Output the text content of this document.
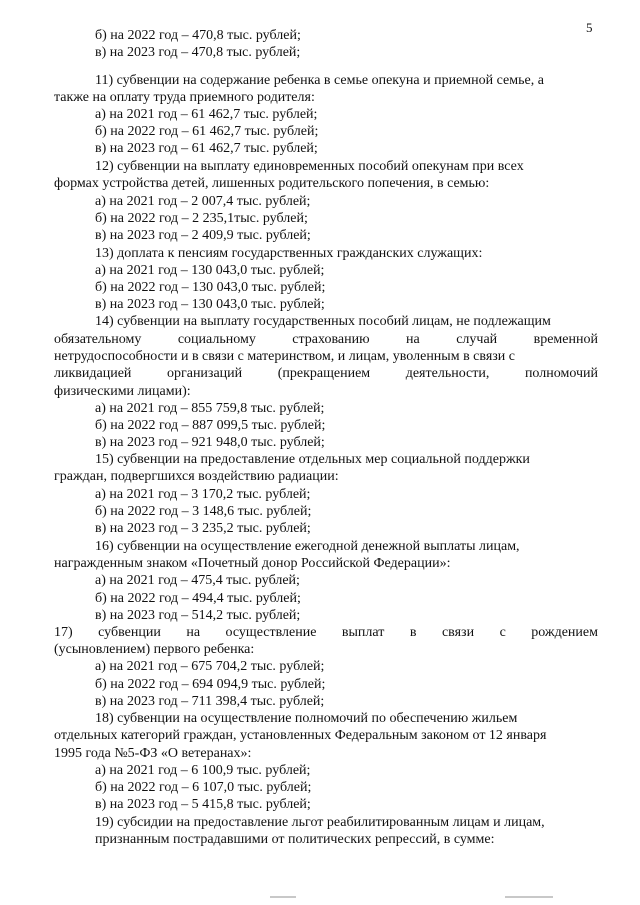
5
б) на 2022 год – 470,8 тыс. рублей;
в) на 2023 год – 470,8 тыс. рублей;
11) субвенции на содержание ребенка в семье опекуна и приемной семье, а
также на оплату труда приемного родителя:
а) на 2021 год – 61 462,7 тыс. рублей;
б) на 2022 год – 61 462,7 тыс. рублей;
в) на 2023 год – 61 462,7 тыс. рублей;
12) субвенции на выплату единовременных пособий опекунам при всех
формах устройства детей, лишенных родительского попечения, в семью:
а) на 2021 год – 2 007,4 тыс. рублей;
б) на 2022 год – 2 235,1тыс. рублей;
в) на 2023 год – 2 409,9 тыс. рублей;
13) доплата к пенсиям государственных гражданских служащих:
а) на 2021 год – 130 043,0 тыс. рублей;
б) на 2022 год – 130 043,0 тыс. рублей;
в) на 2023 год – 130 043,0 тыс. рублей;
14) субвенции на выплату государственных пособий лицам, не подлежащим
обязательному	социальному	страхованию	на	случай	временной
нетрудоспособности и в связи с материнством, и лицам, уволенным в связи с
ликвидацией	организаций	(прекращением	деятельности,	полномочий
физическими лицами):
а) на 2021 год – 855 759,8 тыс. рублей;
б) на 2022 год – 887 099,5 тыс. рублей;
в) на 2023 год – 921 948,0 тыс. рублей;
15) субвенции на предоставление отдельных мер социальной поддержки
граждан, подвергшихся воздействию радиации:
а) на 2021 год – 3 170,2 тыс. рублей;
б) на 2022 год – 3 148,6 тыс. рублей;
в) на 2023 год – 3 235,2 тыс. рублей;
16) субвенции на осуществление ежегодной денежной выплаты лицам,
награжденным знаком «Почетный донор Российской Федерации»:
а) на 2021 год – 475,4 тыс. рублей;
б) на 2022 год – 494,4 тыс. рублей;
в) на 2023 год – 514,2 тыс. рублей;
17) субвенции на осуществление выплат в связи с рождением
(усыновлением) первого ребенка:
а) на 2021 год – 675 704,2 тыс. рублей;
б) на 2022 год – 694 094,9 тыс. рублей;
в) на 2023 год – 711 398,4 тыс. рублей;
18) субвенции на осуществление полномочий по обеспечению жильем
отдельных категорий граждан, установленных Федеральным законом от 12 января
1995 года №5-ФЗ «О ветеранах»:
а) на 2021 год – 6 100,9 тыс. рублей;
б) на 2022 год – 6 107,0 тыс. рублей;
в) на 2023 год – 5 415,8 тыс. рублей;
19) субсидии на предоставление льгот реабилитированным лицам и лицам,
признанным пострадавшими от политических репрессий, в сумме:
